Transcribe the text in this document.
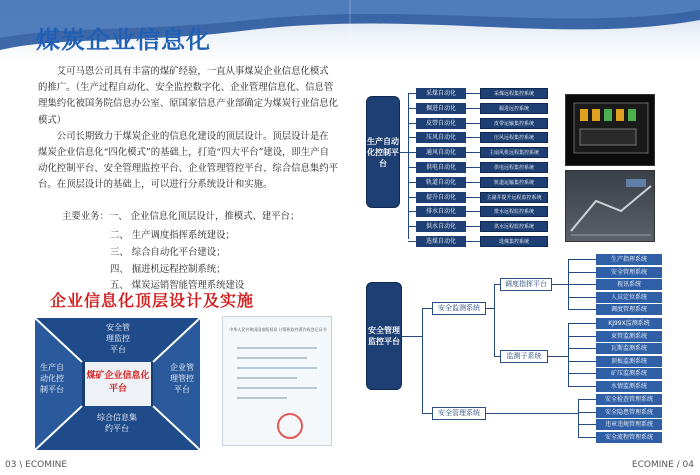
煤炭企业信息化

艾可马恩公司具有丰富的煤矿经验，一直从事煤炭企业信息化模式的推广。（生产过程自动化、安全监控数字化、企业管理信息化、信息管理集约化被国务院信息办公室、原国家信息产业部确定为煤炭行业信息化模式）

公司长期致力于煤炭企业的信息化建设的顶层设计。顶层设计是在煤炭企业信息化“四化模式”的基础上，打造“四大平台”建设，即生产自动化控制平台、安全管理监控平台、企业管理管控平台、综合信息集约平台。在顶层设计的基础上，可以进行分系统设计和实施。

主要业务：一、 企业信息化顶层设计，推模式、建平台；
二、 生产调度指挥系统建设；
三、 综合自动化平台建设；
四、 掘进机远程控制系统；
五、 煤炭运销智能管理系统建设
企业信息化顶层设计及实施
安全管理监控平台
生产自动化控制平台
企业管理管控平台
综合信息集约平台
煤矿企业信息化平台
中华人民共和国国家版权局 计算机软件著作权登记证书
03 \ ECOMINE	ECOMINE / 04
生产自动化控制平台
采煤自动化	采煤远程集控系统
掘进自动化	掘进远控系统
皮带自动化	皮带运输集控系统
压风自动化	压风远程集控系统
通风自动化	主扇风机远程集控系统
供电自动化	供电远程集控系统
轨道自动化	轨道运输集控系统
提升自动化	主副井提升远程监控系统
排水自动化	排水远程监控系统
供水自动化	供水远程监控系统
选煤自动化	选煤集控系统
安全管理监控平台
安全监测系统
安全管理系统
调度指挥平台
监测子系统
生产指挥系统
安全管理系统
视讯系统
人员定位系统
调度管理系统
KJ99X监测系统
束管监测系统
瓦斯监测系统
顶板监测系统
矿压监测系统
水情监测系统
安全检查管理系统
安全隐患管理系统
违章违规管理系统
安全流程管理系统
